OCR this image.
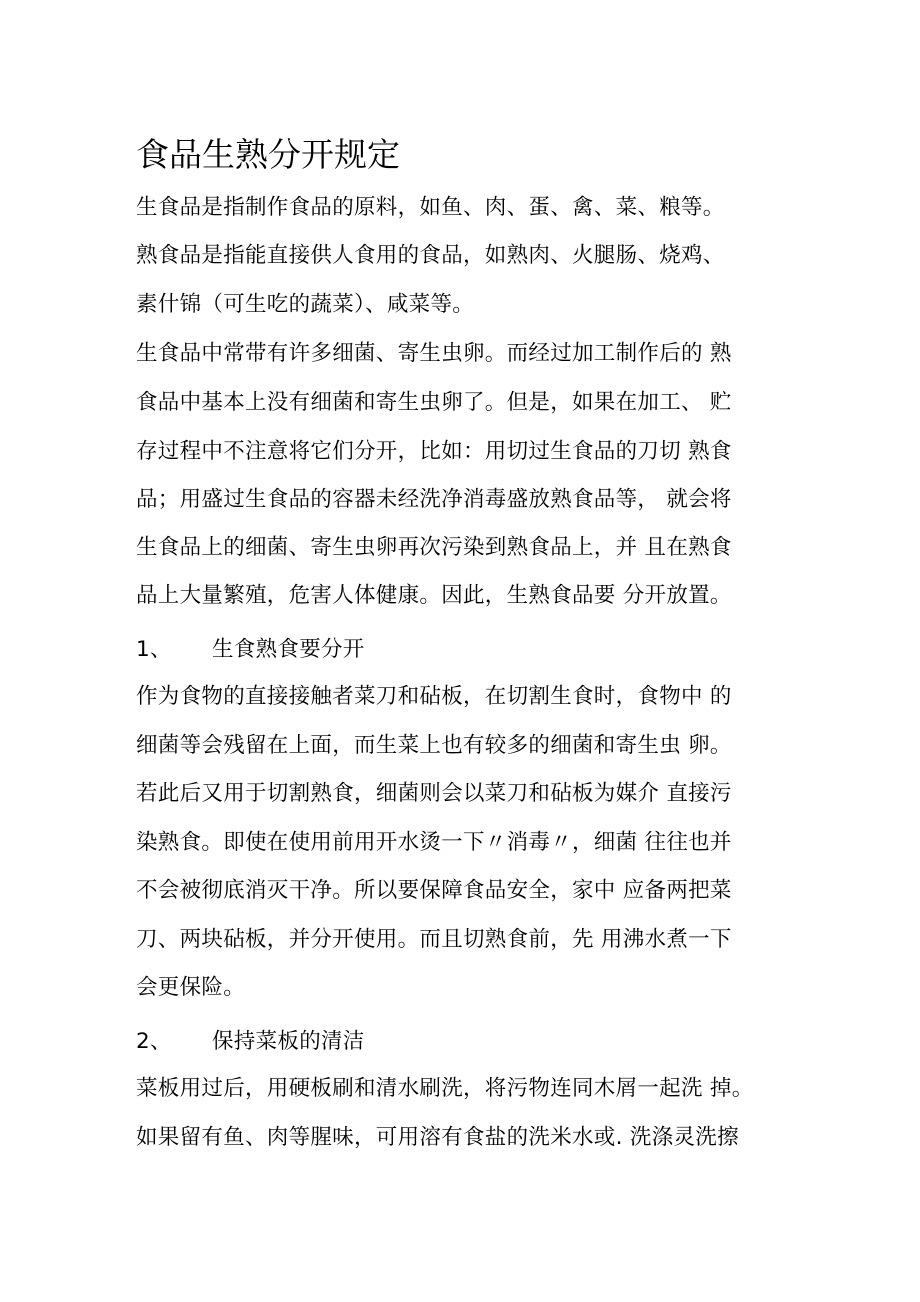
食品生熟分开规定
生食品是指制作食品的原料，如鱼、肉、蛋、禽、菜、粮等。
熟食品是指能直接供人食用的食品，如熟肉、火腿肠、烧鸡、
素什锦（可生吃的蔬菜）、咸菜等。
生食品中常带有许多细菌、寄生虫卵。而经过加工制作后的 熟
食品中基本上没有细菌和寄生虫卵了。但是，如果在加工、 贮
存过程中不注意将它们分开，比如：用切过生食品的刀切 熟食
品；用盛过生食品的容器未经洗净消毒盛放熟食品等， 就会将
生食品上的细菌、寄生虫卵再次污染到熟食品上，并 且在熟食
品上大量繁殖，危害人体健康。因此，生熟食品要 分开放置。
1、 生食熟食要分开
作为食物的直接接触者菜刀和砧板，在切割生食时，食物中 的
细菌等会残留在上面，而生菜上也有较多的细菌和寄生虫 卵。
若此后又用于切割熟食，细菌则会以菜刀和砧板为媒介 直接污
染熟食。即使在使用前用开水烫一下〃消毒〃，细菌 往往也并
不会被彻底消灭干净。所以要保障食品安全，家中 应备两把菜
刀、两块砧板，并分开使用。而且切熟食前，先 用沸水煮一下
会更保险。
2、 保持菜板的清洁
菜板用过后，用硬板刷和清水刷洗，将污物连同木屑一起洗 掉。
如果留有鱼、肉等腥味，可用溶有食盐的洗米水或. 洗涤灵洗擦
